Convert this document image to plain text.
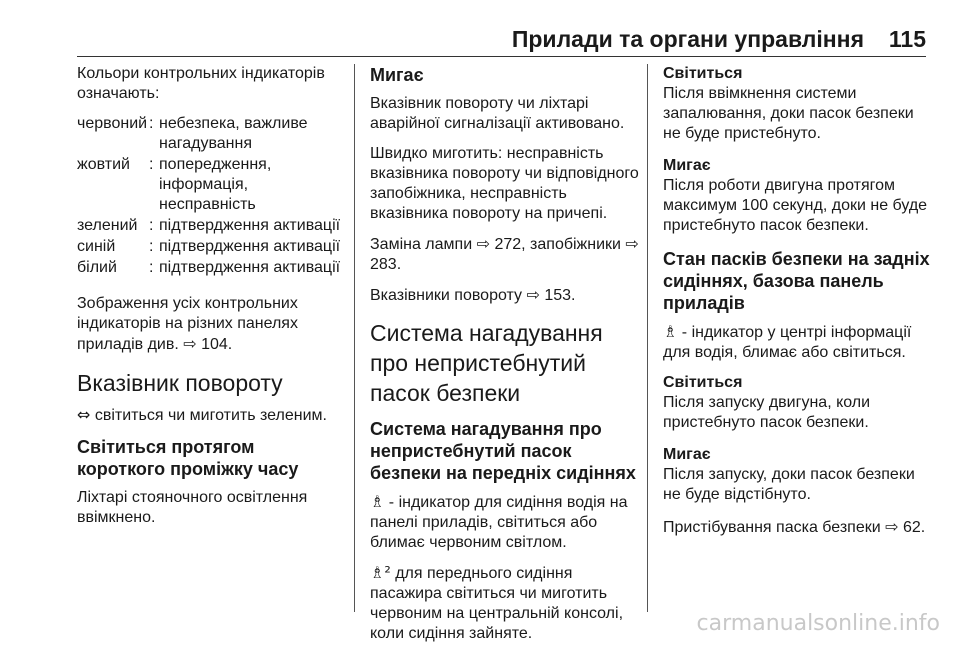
Прилади та органи управління 115

Кольори контрольних індикаторів означають:

червоний : небезпека, важливе нагадування
жовтий	: попередження, інформація, несправність
зелений : підтвердження активації
синій	: підтвердження активації
білий	: підтвердження активації

Зображення усіх контрольних індикаторів на різних панелях приладів див. ⇨ 104.

Вказівник повороту

⇔ світиться чи миготить зеленим.

Світиться протягом короткого проміжку часу

Ліхтарі стояночного освітлення ввімкнено.

Мигає

Вказівник повороту чи ліхтарі аварійної сигналізації активовано.

Швидко миготить: несправність вказівника повороту чи відповідного запобіжника, несправність вказівника повороту на причепі.

Заміна лампи ⇨ 272, запобіжники ⇨ 283.

Вказівники повороту ⇨ 153.

Система нагадування про непристебнутий пасок безпеки
Система нагадування про непристебнутий пасок безпеки на передніх сидіннях

♗ - індикатор для сидіння водія на панелі приладів, світиться або блимає червоним світлом.

♗² для переднього сидіння пасажира світиться чи миготить червоним на центральній консолі, коли сидіння зайняте.

Світиться
Після ввімкнення системи запалювання, доки пасок безпеки не буде пристебнуто.
Мигає
Після роботи двигуна протягом максимум 100 секунд, доки не буде пристебнуто пасок безпеки.
Стан пасків безпеки на задніх сидіннях, базова панель приладів

♗ - індикатор у центрі інформації для водія, блимає або світиться.

Світиться
Після запуску двигуна, коли пристебнуто пасок безпеки.
Мигає
Після запуску, доки пасок безпеки не буде відстібнуто.

Пристібування паска безпеки ⇨ 62.

carmanualsonline.info
